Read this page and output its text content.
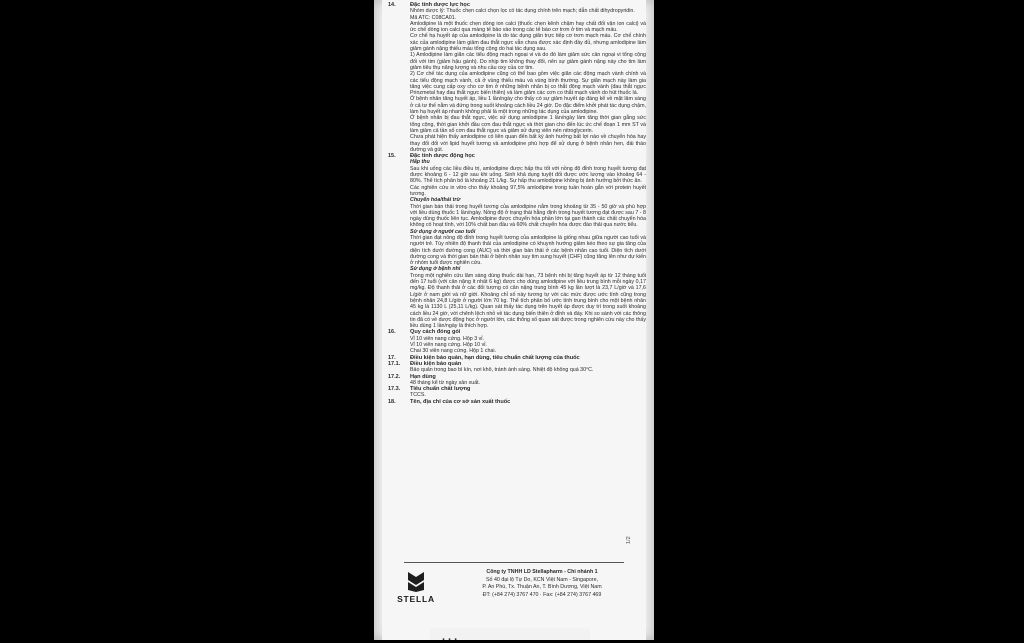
14.	Đặc tính dược lực học
Nhóm dược lý: Thuốc chẹn calci chọn lọc có tác dụng chính trên mạch; dẫn chất dihydropyridin.
Mã ATC: C08CA01.
Amlodipine là một thuốc chẹn dòng ion calci (thuốc chẹn kênh chậm hay chất đối vận ion calci) và ức chế dòng ion calci qua màng tế bào vào trong các tế bào cơ trơn ở tim và mạch máu.
Cơ chế hạ huyết áp của amlodipine là do tác dụng giãn trực tiếp cơ trơn mạch máu. Cơ chế chính xác của amlodipine làm giảm đau thắt ngực vẫn chưa được xác định đầy đủ, nhưng amlodipine làm giảm gánh nặng thiếu máu tổng cộng do hai tác dụng sau.
1) Amlodipine làm giãn các tiểu động mạch ngoại vi và do đó làm giảm sức cản ngoại vi tổng cộng đối với tim (giảm hậu gánh). Do nhịp tim không thay đổi, nên sự giảm gánh nặng này cho tim làm giảm tiêu thụ năng lượng và nhu cầu oxy của cơ tim.
2) Cơ chế tác dụng của amlodipine cũng có thể bao gồm việc giãn các động mạch vành chính và các tiểu động mạch vành, cả ở vùng thiếu máu và vùng bình thường. Sự giãn mạch này làm gia tăng việc cung cấp oxy cho cơ tim ở những bệnh nhân bị co thắt động mạch vành (đau thắt ngực Prinzmetal hay đau thắt ngực biến thiên) và làm giảm các cơn co thắt mạch vành do hút thuốc lá.
Ở bệnh nhân tăng huyết áp, liều 1 lần/ngày cho thấy có sự giảm huyết áp đáng kể về mặt lâm sàng ở cả tư thế nằm và đứng trong suốt khoảng cách liều 24 giờ. Do đặc điểm khởi phát tác dụng chậm, làm hạ huyết áp nhanh không phải là một trong những tác dụng của amlodipine.
Ở bệnh nhân bị đau thắt ngực, việc sử dụng amlodipine 1 lần/ngày làm tăng thời gian gắng sức tổng cộng, thời gian khởi đầu cơn đau thắt ngực và thời gian cho đến lúc ức chế đoạn 1 mm ST và làm giảm cả tần số cơn đau thắt ngực và giảm sử dụng viên nén nitroglycerin.
Chưa phát hiện thấy amlodipine có liên quan đến bất kỳ ảnh hưởng bất lợi nào về chuyển hóa hay thay đổi đối với lipid huyết tương và amlodipine phù hợp để sử dụng ở bệnh nhân hen, đái tháo đường và gút.
15.	Đặc tính dược động học
Hấp thu
Sau khi uống các liều điều trị, amlodipine được hấp thu tốt với nồng độ đỉnh trong huyết tương đạt được khoảng 6 - 12 giờ sau khi uống. Sinh khả dụng tuyệt đối được ước lượng vào khoảng 64 - 80%. Thể tích phân bố là khoảng 21 L/kg. Sự hấp thu amlodipine không bị ảnh hưởng bởi thức ăn.
Các nghiên cứu in vitro cho thấy khoảng 97,5% amlodipine trong tuần hoàn gắn với protein huyết tương.
Chuyển hóa/thải trừ
Thời gian bán thải trong huyết tương của amlodipine nằm trong khoảng từ 35 - 50 giờ và phù hợp với liều dùng thuốc 1 lần/ngày. Nồng độ ở trạng thái hằng định trong huyết tương đạt được sau 7 - 8 ngày dùng thuốc liên tục. Amlodipine được chuyển hóa phần lớn tại gan thành các chất chuyển hóa không có hoạt tính, với 10% chất ban đầu và 60% chất chuyển hóa được đào thải qua nước tiểu.
Sử dụng ở người cao tuổi
Thời gian đạt nồng độ đỉnh trong huyết tương của amlodipine là giống nhau giữa người cao tuổi và người trẻ. Tùy nhiên độ thanh thải của amlodipine có khuynh hướng giảm kéo theo sự gia tăng của diện tích dưới đường cong (AUC) và thời gian bán thải ở các bệnh nhân cao tuổi. Diện tích dưới đường cong và thời gian bán thải ở bệnh nhân suy tim sung huyết (CHF) cũng tăng lên như dự kiến ở nhóm tuổi được nghiên cứu.
Sử dụng ở bệnh nhi
Trong một nghiên cứu lâm sàng dùng thuốc dài hạn, 73 bệnh nhi bị tăng huyết áp từ 12 tháng tuổi đến 17 tuổi (với cân nặng ít nhất 6 kg) được cho dùng amlodipine với liều trung bình mỗi ngày 0,17 mg/kg. Độ thanh thải ở các đối tượng có cân nặng trung bình 45 kg lần lượt là 23,7 L/giờ và 17,6 L/giờ ở nam giới và nữ giới. Khoảng chỉ số này tương tự với các mức được ước tính cũng trong bệnh nhân 24,8 L/giờ ở người lớn 70 kg. Thể tích phân bố ước tính trung bình cho một bệnh nhân 45 kg là 1130 L (25,11 L/kg). Quan sát thấy tác dụng trên huyết áp được duy trì trong suốt khoảng cách liều 24 giờ, với chênh lệch nhỏ về tác dụng biến thiên ở đỉnh và đáy. Khi so sánh với các thông tin đã có về dược động học ở người lớn, các thông số quan sát được trong nghiên cứu này cho thấy liều dùng 1 lần/ngày là thích hợp.
16.	Quy cách đóng gói
Vỉ 10 viên nang cứng. Hộp 3 vỉ.
Vỉ 10 viên nang cứng. Hộp 10 vỉ.
Chai 30 viên nang cứng. Hộp 1 chai.
17.	Điều kiện bảo quản, hạn dùng, tiêu chuẩn chất lượng của thuốc
17.1.	Điều kiện bảo quản
Bảo quản trong bao bì kín, nơi khô, tránh ánh sáng. Nhiệt độ không quá 30°C.
17.2.	Hạn dùng
48 tháng kể từ ngày sản xuất.
17.3.	Tiêu chuẩn chất lượng
TCCS.
18.	Tên, địa chỉ của cơ sở sản xuất thuốc
STELLA
Công ty TNHH LD Stellapharm - Chi nhánh 1
Số 40 đại lộ Tự Do, KCN Việt Nam - Singapore,
P. An Phú, Tx. Thuận An, T. Bình Dương, Việt Nam
ĐT: (+84 274) 3767 470 · Fax: (+84 274) 3767 469
1/2
...
